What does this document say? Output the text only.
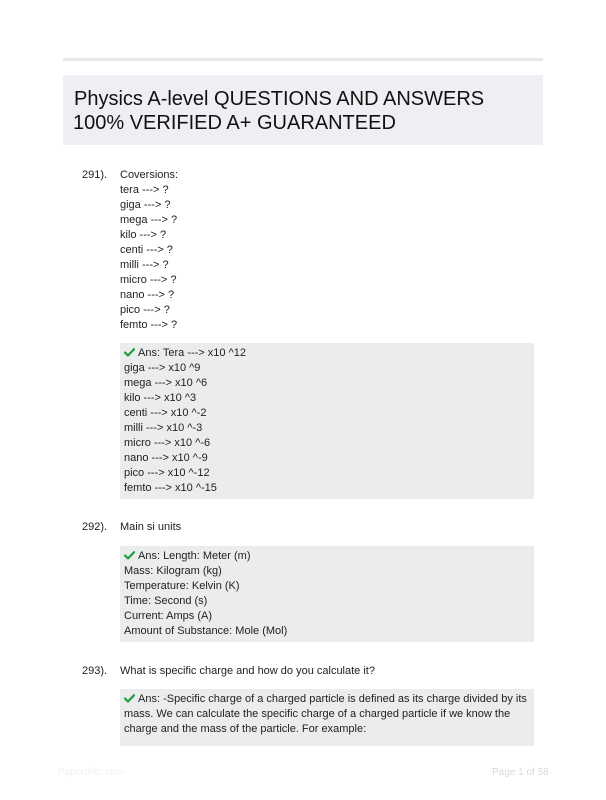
Physics A-level QUESTIONS AND ANSWERS
100% VERIFIED A+ GUARANTEED
291). Coversions:
tera ---> ?
giga ---> ?
mega ---> ?
kilo ---> ?
centi ---> ?
milli ---> ?
micro ---> ?
nano ---> ?
pico ---> ?
femto ---> ?
Ans: Tera ---> x10 ^12
giga ---> x10 ^9
mega ---> x10 ^6
kilo ---> x10 ^3
centi ---> x10 ^-2
milli ---> x10 ^-3
micro ---> x10 ^-6
nano ---> x10 ^-9
pico ---> x10 ^-12
femto ---> x10 ^-15
292). Main si units
Ans: Length: Meter (m)
Mass: Kilogram (kg)
Temperature: Kelvin (K)
Time: Second (s)
Current: Amps (A)
Amount of Substance: Mole (Mol)
293). What is specific charge and how do you calculate it?
Ans: -Specific charge of a charged particle is defined as its charge divided by its mass. We can calculate the specific charge of a charged particle if we know the charge and the mass of the particle. For example:
Papertfiltc.com	Page 1 of 58
